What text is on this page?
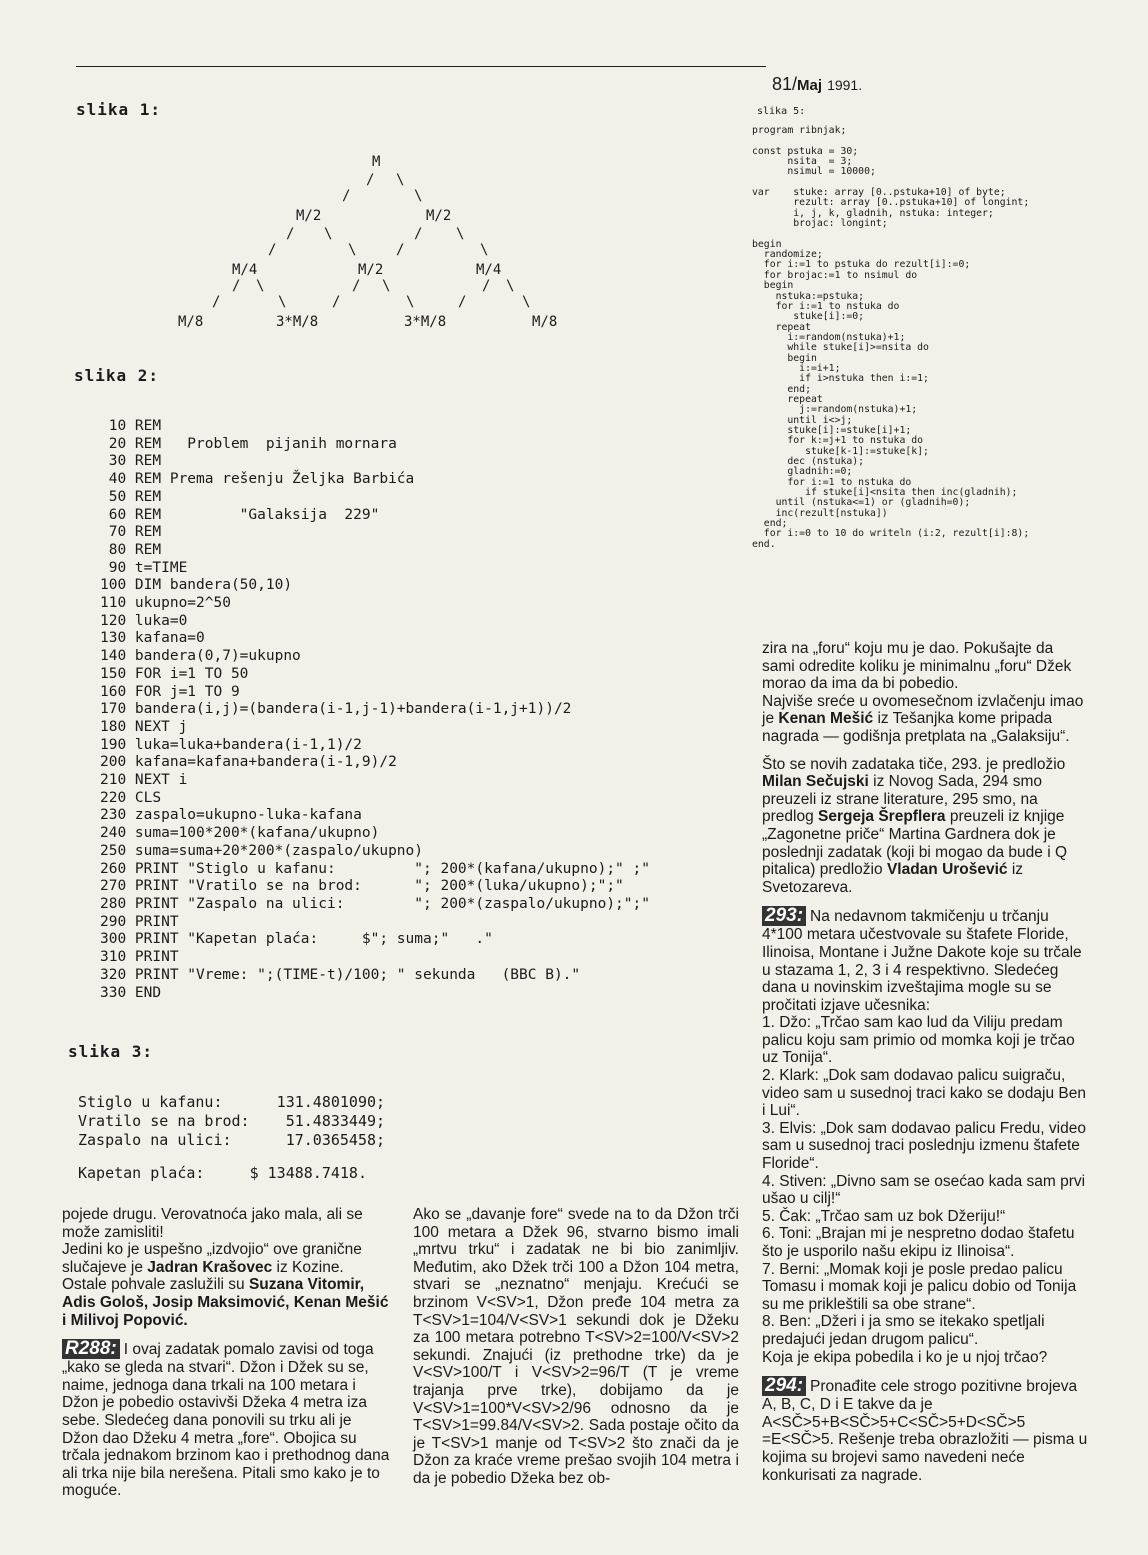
81/Maj 1991.
slika 1:
M
/ \
/	\
M/2	M/2
/ \	/ \
/	\	/	\
M/4	M/2	M/4
/ \	/ \	/ \
/	\	/	\	/	\
M/8	3*M/8	3*M/8	M/8
slika 2:
10 REM
20 REM   Problem  pijanih mornara
30 REM
40 REM Prema rešenju Željka Barbića
50 REM
60 REM         "Galaksija  229"
70 REM
80 REM
90 t=TIME
100 DIM bandera(50,10)
110 ukupno=2^50
120 luka=0
130 kafana=0
140 bandera(0,7)=ukupno
150 FOR i=1 TO 50
160 FOR j=1 TO 9
170 bandera(i,j)=(bandera(i-1,j-1)+bandera(i-1,j+1))/2
180 NEXT j
190 luka=luka+bandera(i-1,1)/2
200 kafana=kafana+bandera(i-1,9)/2
210 NEXT i
220 CLS
230 zaspalo=ukupno-luka-kafana
240 suma=100*200*(kafana/ukupno)
250 suma=suma+20*200*(zaspalo/ukupno)
260 PRINT "Stiglo u kafanu:         "; 200*(kafana/ukupno);" ;"
270 PRINT "Vratilo se na brod:      "; 200*(luka/ukupno);";"
280 PRINT "Zaspalo na ulici:        "; 200*(zaspalo/ukupno);";"
290 PRINT
300 PRINT "Kapetan plaća:     $"; suma;"   ."
310 PRINT
320 PRINT "Vreme: ";(TIME-t)/100; " sekunda   (BBC B)."
330 END
slika 3:
Stiglo u kafanu:      131.4801090;
Vratilo se na brod:    51.4833449;
Zaspalo na ulici:      17.0365458;
Kapetan plaća:     $ 13488.7418.
slika 5:
program ribnjak;

const pstuka = 30;
nsita  = 3;
nsimul = 10000;

var    stuke: array [0..pstuka+10] of byte;
rezult: array [0..pstuka+10] of longint;
i, j, k, gladnih, nstuka: integer;
brojac: longint;

begin
randomize;
for i:=1 to pstuka do rezult[i]:=0;
for brojac:=1 to nsimul do
begin
nstuka:=pstuka;
for i:=1 to nstuka do
stuke[i]:=0;
repeat
i:=random(nstuka)+1;
while stuke[i]>=nsita do
begin
i:=i+1;
if i>nstuka then i:=1;
end;
repeat
j:=random(nstuka)+1;
until i<>j;
stuke[i]:=stuke[i]+1;
for k:=j+1 to nstuka do
stuke[k-1]:=stuke[k];
dec (nstuka);
gladnih:=0;
for i:=1 to nstuka do
if stuke[i]<nsita then inc(gladnih);
until (nstuka<=1) or (gladnih=0);
inc(rezult[nstuka])
end;
for i:=0 to 10 do writeln (i:2, rezult[i]:8);
end.

pojede drugu. Verovatnoća jako mala, ali se može zamisliti!

Jedini ko je uspešno „izdvojio“ ove granične slučajeve je Jadran Krašovec iz Kozine. Ostale pohvale zaslužili su Suzana Vitomir, Adis Gološ, Josip Maksimović, Kenan Mešić i Milivoj Popović.

R288: I ovaj zadatak pomalo zavisi od toga „kako se gleda na stvari“. Džon i Džek su se, naime, jednoga dana trkali na 100 metara i Džon je pobedio ostavivši Džeka 4 metra iza sebe. Sledećeg dana ponovili su trku ali je Džon dao Džeku 4 metra „fore“. Obojica su trčala jednakom brzinom kao i prethodnog dana ali trka nije bila nerešena. Pitali smo kako je to moguće.

Ako se „davanje fore“ svede na to da Džon trči 100 metara a Džek 96, stvarno bismo imali „mrtvu trku“ i zadatak ne bi bio zanimljiv. Međutim, ako Džek trči 100 a Džon 104 metra, stvari se „neznatno“ menjaju. Krećući se brzinom V<SV>1, Džon pređe 104 metra za T<SV>1=104/V<SV>1 sekundi dok je Džeku za 100 metara potrebno T<SV>2=100/V<SV>2 sekundi. Znajući (iz prethodne trke) da je V<SV>100/T i V<SV>2=96/T (T je vreme trajanja prve trke), dobijamo da je V<SV>1=100*V<SV>2/96 odnosno da je T<SV>1=99.84/V<SV>2. Sada postaje očito da je T<SV>1 manje od T<SV>2 što znači da je Džon za kraće vreme prešao svojih 104 metra i da je pobedio Džeka bez ob-

zira na „foru“ koju mu je dao. Pokušajte da sami odredite koliku je minimalnu „foru“ Džek morao da ima da bi pobedio.

Najviše sreće u ovomesečnom izvlačenju imao je Kenan Mešić iz Tešanjka kome pripada nagrada — godišnja pretplata na „Galaksiju“.

Što se novih zadataka tiče, 293. je predložio Milan Sečujski iz Novog Sada, 294 smo preuzeli iz strane literature, 295 smo, na predlog Sergeja Šrepflera preuzeli iz knjige „Zagonetne priče“ Martina Gardnera dok je poslednji zadatak (koji bi mogao da bude i Q pitalica) predložio Vladan Urošević iz Svetozareva.

293: Na nedavnom takmičenju u trčanju 4*100 metara učestvovale su štafete Floride, Ilinoisa, Montane i Južne Dakote koje su trčale u stazama 1, 2, 3 i 4 respektivno. Sledećeg dana u novinskim izveštajima mogle su se pročitati izjave učesnika:

1. Džo: „Trčao sam kao lud da Viliju predam palicu koju sam primio od momka koji je trčao uz Tonija“.

2. Klark: „Dok sam dodavao palicu suigraču, video sam u susednoj traci kako se dodaju Ben i Lui“.

3. Elvis: „Dok sam dodavao palicu Fredu, video sam u susednoj traci poslednju izmenu štafete Floride“.

4. Stiven: „Divno sam se osećao kada sam prvi ušao u cilj!“

5. Čak: „Trčao sam uz bok Džeriju!“

6. Toni: „Brajan mi je nespretno dodao štafetu što je usporilo našu ekipu iz Ilinoisa“.

7. Berni: „Momak koji je posle predao palicu Tomasu i momak koji je palicu dobio od Tonija su me prikleštili sa obe strane“.

8. Ben: „Džeri i ja smo se itekako spetljali predajući jedan drugom palicu“.

Koja je ekipa pobedila i ko je u njoj trčao?

294: Pronađite cele strogo pozitivne brojeva A, B, C, D i E takve da je A<SČ>5+B<SČ>5+C<SČ>5+D<SČ>5 =E<SČ>5. Rešenje treba obrazložiti — pisma u kojima su brojevi samo navedeni neće konkurisati za nagrade.
